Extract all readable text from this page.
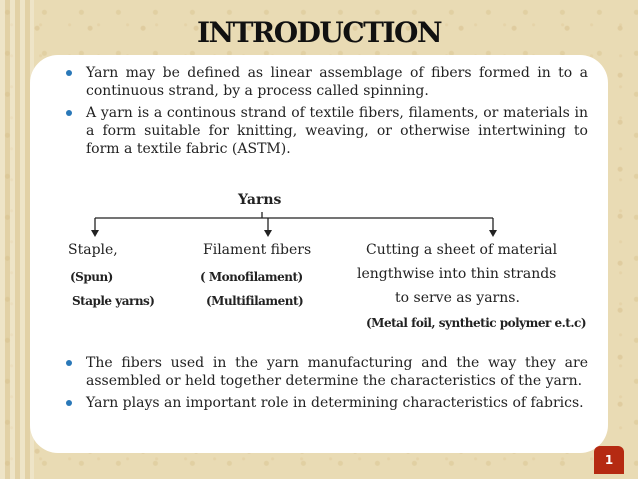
INTRODUCTION
Yarn may be defined as linear assemblage of fibers formed in to a continuous strand, by a process called spinning.
A yarn is a continous strand of textile fibers, filaments, or materials in a form suitable for knitting, weaving, or otherwise intertwining to form a textile fabric (ASTM).
Yarns
Staple,
(Spun)
Staple yarns)
Filament fibers
( Monofilament)
(Multifilament)
Cutting a sheet of material
lengthwise into thin strands
to serve as yarns.
(Metal foil, synthetic polymer e.t.c)
The fibers used in the yarn manufacturing and the way they are assembled or held together determine the characteristics of the yarn.
Yarn plays an important role in determining characteristics of fabrics.
1
